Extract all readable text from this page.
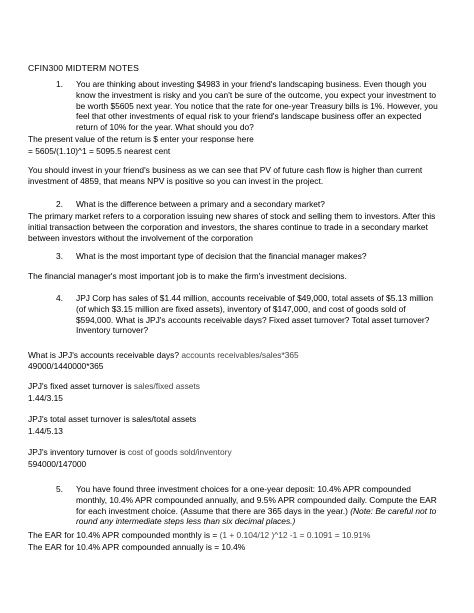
CFIN300 MIDTERM NOTES
1. You are thinking about investing $4983 in your friend's landscaping business. Even though you know the investment is risky and you can't be sure of the outcome, you expect your investment to be worth $5605 next year. You notice that the rate for one-year Treasury bills is 1%. However, you feel that other investments of equal risk to your friend's landscape business offer an expected return of 10% for the year. What should you do?
The present value of the return is $ enter your response here
= 5605/(1.10)^1 = 5095.5 nearest cent
You should invest in your friend's business as we can see that PV of future cash flow is higher than current investment of 4859, that means NPV is positive so you can invest in the project.
2. What is the difference between a primary and a secondary market?
The primary market refers to a corporation issuing new shares of stock and selling them to investors. After this initial transaction between the corporation and investors, the shares continue to trade in a secondary market between investors without the involvement of the corporation
3. What is the most important type of decision that the financial manager makes?
The financial manager's most important job is to make the firm's investment decisions.
4. JPJ Corp has sales of $1.44 million, accounts receivable of $49,000, total assets of $5.13 million (of which $3.15 million are fixed assets), inventory of $147,000, and cost of goods sold of $594,000. What is JPJ's accounts receivable days? Fixed asset turnover? Total asset turnover? Inventory turnover?
What is JPJ's accounts receivable days? accounts receivables/sales*365
49000/1440000*365
JPJ's fixed asset turnover is sales/fixed assets
1.44/3.15
JPJ's total asset turnover is sales/total assets
1.44/5.13
JPJ's inventory turnover is cost of goods sold/inventory
594000/147000
5. You have found three investment choices for a one-year deposit: 10.4% APR compounded monthly, 10.4% APR compounded annually, and 9.5% APR compounded daily. Compute the EAR for each investment choice. (Assume that there are 365 days in the year.) (Note: Be careful not to round any intermediate steps less than six decimal places.)
The EAR for 10.4% APR compounded monthly is = (1 + 0.104/12 )^12 -1 = 0.1091 = 10.91%
The EAR for 10.4% APR compounded annually is = 10.4%
